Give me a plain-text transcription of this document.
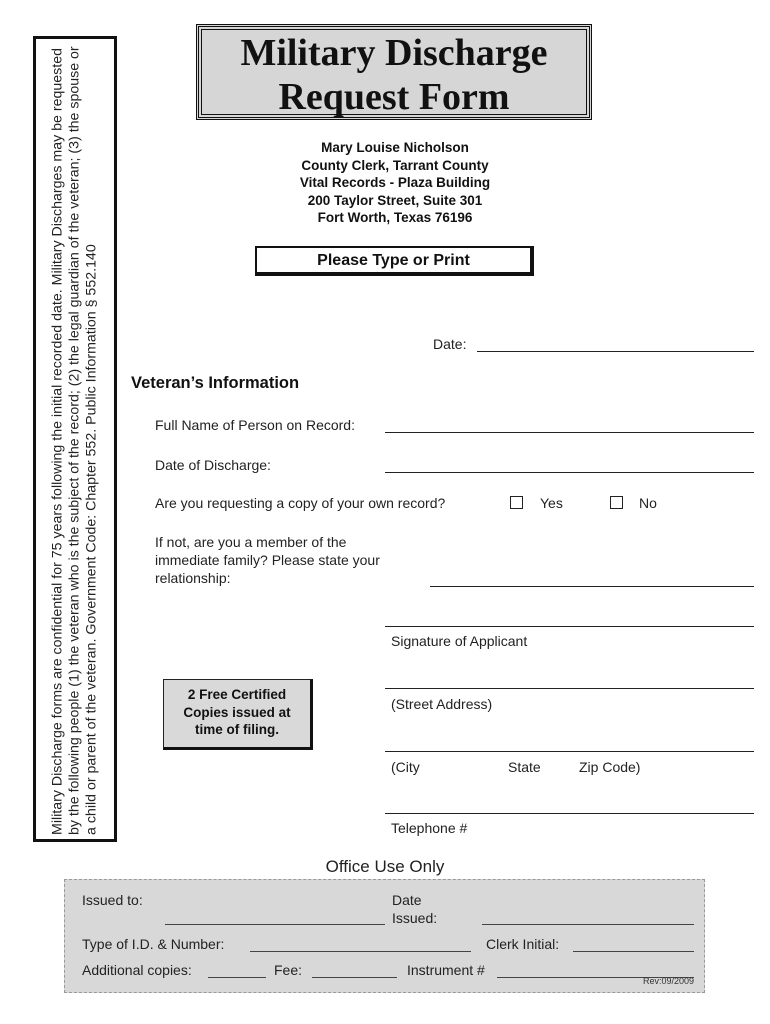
Military Discharge forms are confidential for 75 years following the initial recorded date. Military Discharges may be requested by the following people (1) the veteran who is the subject of the record; (2) the legal guardian of the veteran; (3) the spouse or a child or parent of the veteran. Government Code: Chapter 552. Public Information § 552.140
Military Discharge
Request Form
Mary Louise Nicholson
County Clerk, Tarrant County
Vital Records - Plaza Building
200 Taylor Street, Suite 301
Fort Worth, Texas 76196
Please Type or Print
Date:
Veteran’s Information
Full Name of Person on Record:
Date of Discharge:
Are you requesting a copy of your own record?	Yes	No
If not, are you a member of the
immediate family? Please state your
relationship:
Signature of Applicant
2 Free Certified
Copies issued at
time of filing.
(Street Address)
(City	State	Zip Code)
Telephone #
Office Use Only
Issued to:	Date
Issued:
Type of I.D. & Number:	Clerk Initial:
Additional copies:	Fee:	Instrument #
Rev:09/2009
